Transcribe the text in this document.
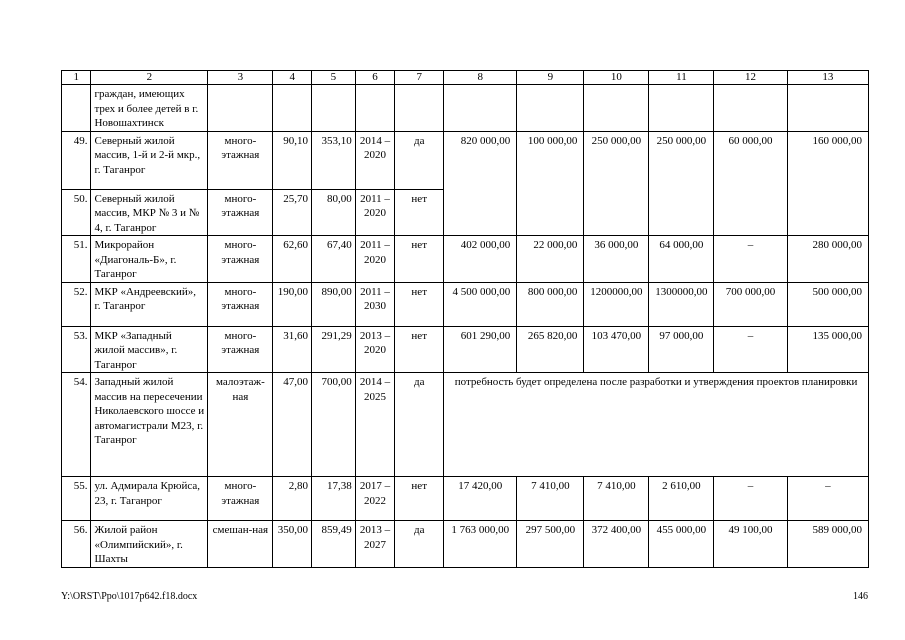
1	2	3	4	5	6	7	8	9	10	11	12	13
	граждан, имеющих трех и более детей в г. Новошахтинск											
49.	Северный жилой массив, 1-й и 2-й мкр., г. Таганрог	много-этажная	90,10	353,10	2014 – 2020	да	820 000,00	100 000,00	250 000,00	250 000,00	60 000,00	160 000,00
50.	Северный жилой массив, МКР № 3 и № 4, г. Таганрог	много-этажная	25,70	80,00	2011 – 2020	нет						
51.	Микрорайон «Диагональ-Б», г. Таганрог	много-этажная	62,60	67,40	2011 – 2020	нет	402 000,00	22 000,00	36 000,00	64 000,00	–	280 000,00
52.	МКР «Андреевский», г. Таганрог	много-этажная	190,00	890,00	2011 – 2030	нет	4 500 000,00	800 000,00	1200000,00	1300000,00	700 000,00	500 000,00
53.	МКР «Западный жилой массив», г. Таганрог	много-этажная	31,60	291,29	2013 – 2020	нет	601 290,00	265 820,00	103 470,00	97 000,00	–	135 000,00
54.	Западный жилой массив на пересечении Николаевского шоссе и автомагистрали М23, г. Таганрог	малоэтаж-ная	47,00	700,00	2014 – 2025	да	потребность будет определена после разработки и утверждения проектов планировки					
55.	ул. Адмирала Крюйса, 23, г. Таганрог	много-этажная	2,80	17,38	2017 – 2022	нет	17 420,00	7 410,00	7 410,00	2 610,00	–	–
56.	Жилой район «Олимпийский», г. Шахты	смешан-ная	350,00	859,49	2013 – 2027	да	1 763 000,00	297 500,00	372 400,00	455 000,00	49 100,00	589 000,00
Y:\ORST\Ppo\1017p642.f18.docx	146
